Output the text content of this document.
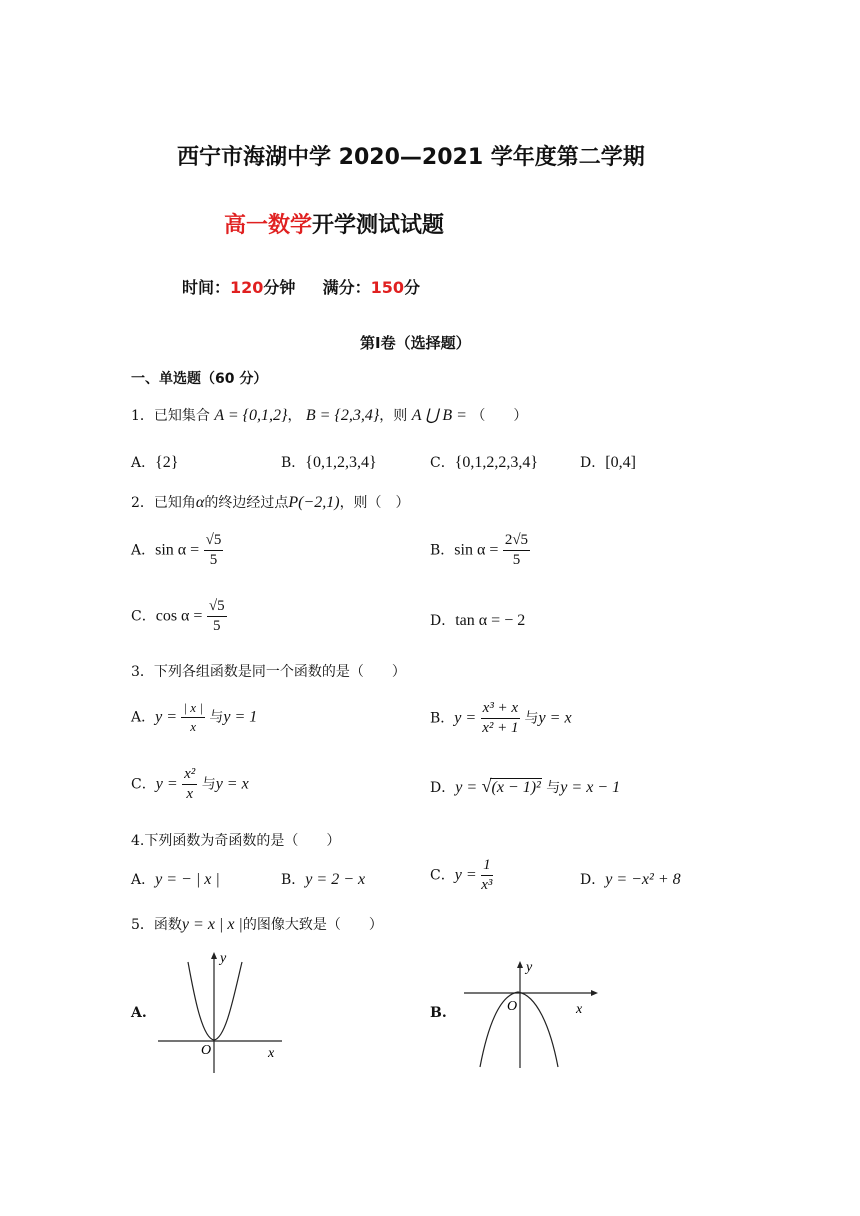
西宁市海湖中学 2020—2021 学年度第二学期
高一数学开学测试试题
时间：120分钟 满分：150分
第Ⅰ卷（选择题）
一、单选题（60 分）
1．已知集合 A = {0,1,2}， B = {2,3,4}，则 A ⋃ B = （　　）
A．{2}	B．{0,1,2,3,4}	C．{0,1,2,2,3,4}	D．[0,4]
2．已知角α的终边经过点P(−2,1)，则（　）
A．$\sin \alpha = \frac{√5}{5}$	B．$\sin \alpha = \frac{2√5}{5}$
C．$\cos \alpha = \frac{√5}{5}$	D．tan α = − 2
3．下列各组函数是同一个函数的是（　　）
A．$y = \frac{| x |}{x}$ 与y = 1	B．$y = \frac{\text{x³ + x}}{\text{x² + 1}}$ 与y = x
C．$y = \frac{\text{x²}}{x}$ 与y = x	D．y = √(x − 1)² 与y = x − 1
4.下列函数为奇函数的是（　　）
A．y = − | x |	B．y = 2 − x	C．$y = \frac{1}{\text{x³}}$	D．y = −x² + 8
5．函数y = x | x |的图像大致是（　　）
A.
y
x
O
B.
y
x
O
